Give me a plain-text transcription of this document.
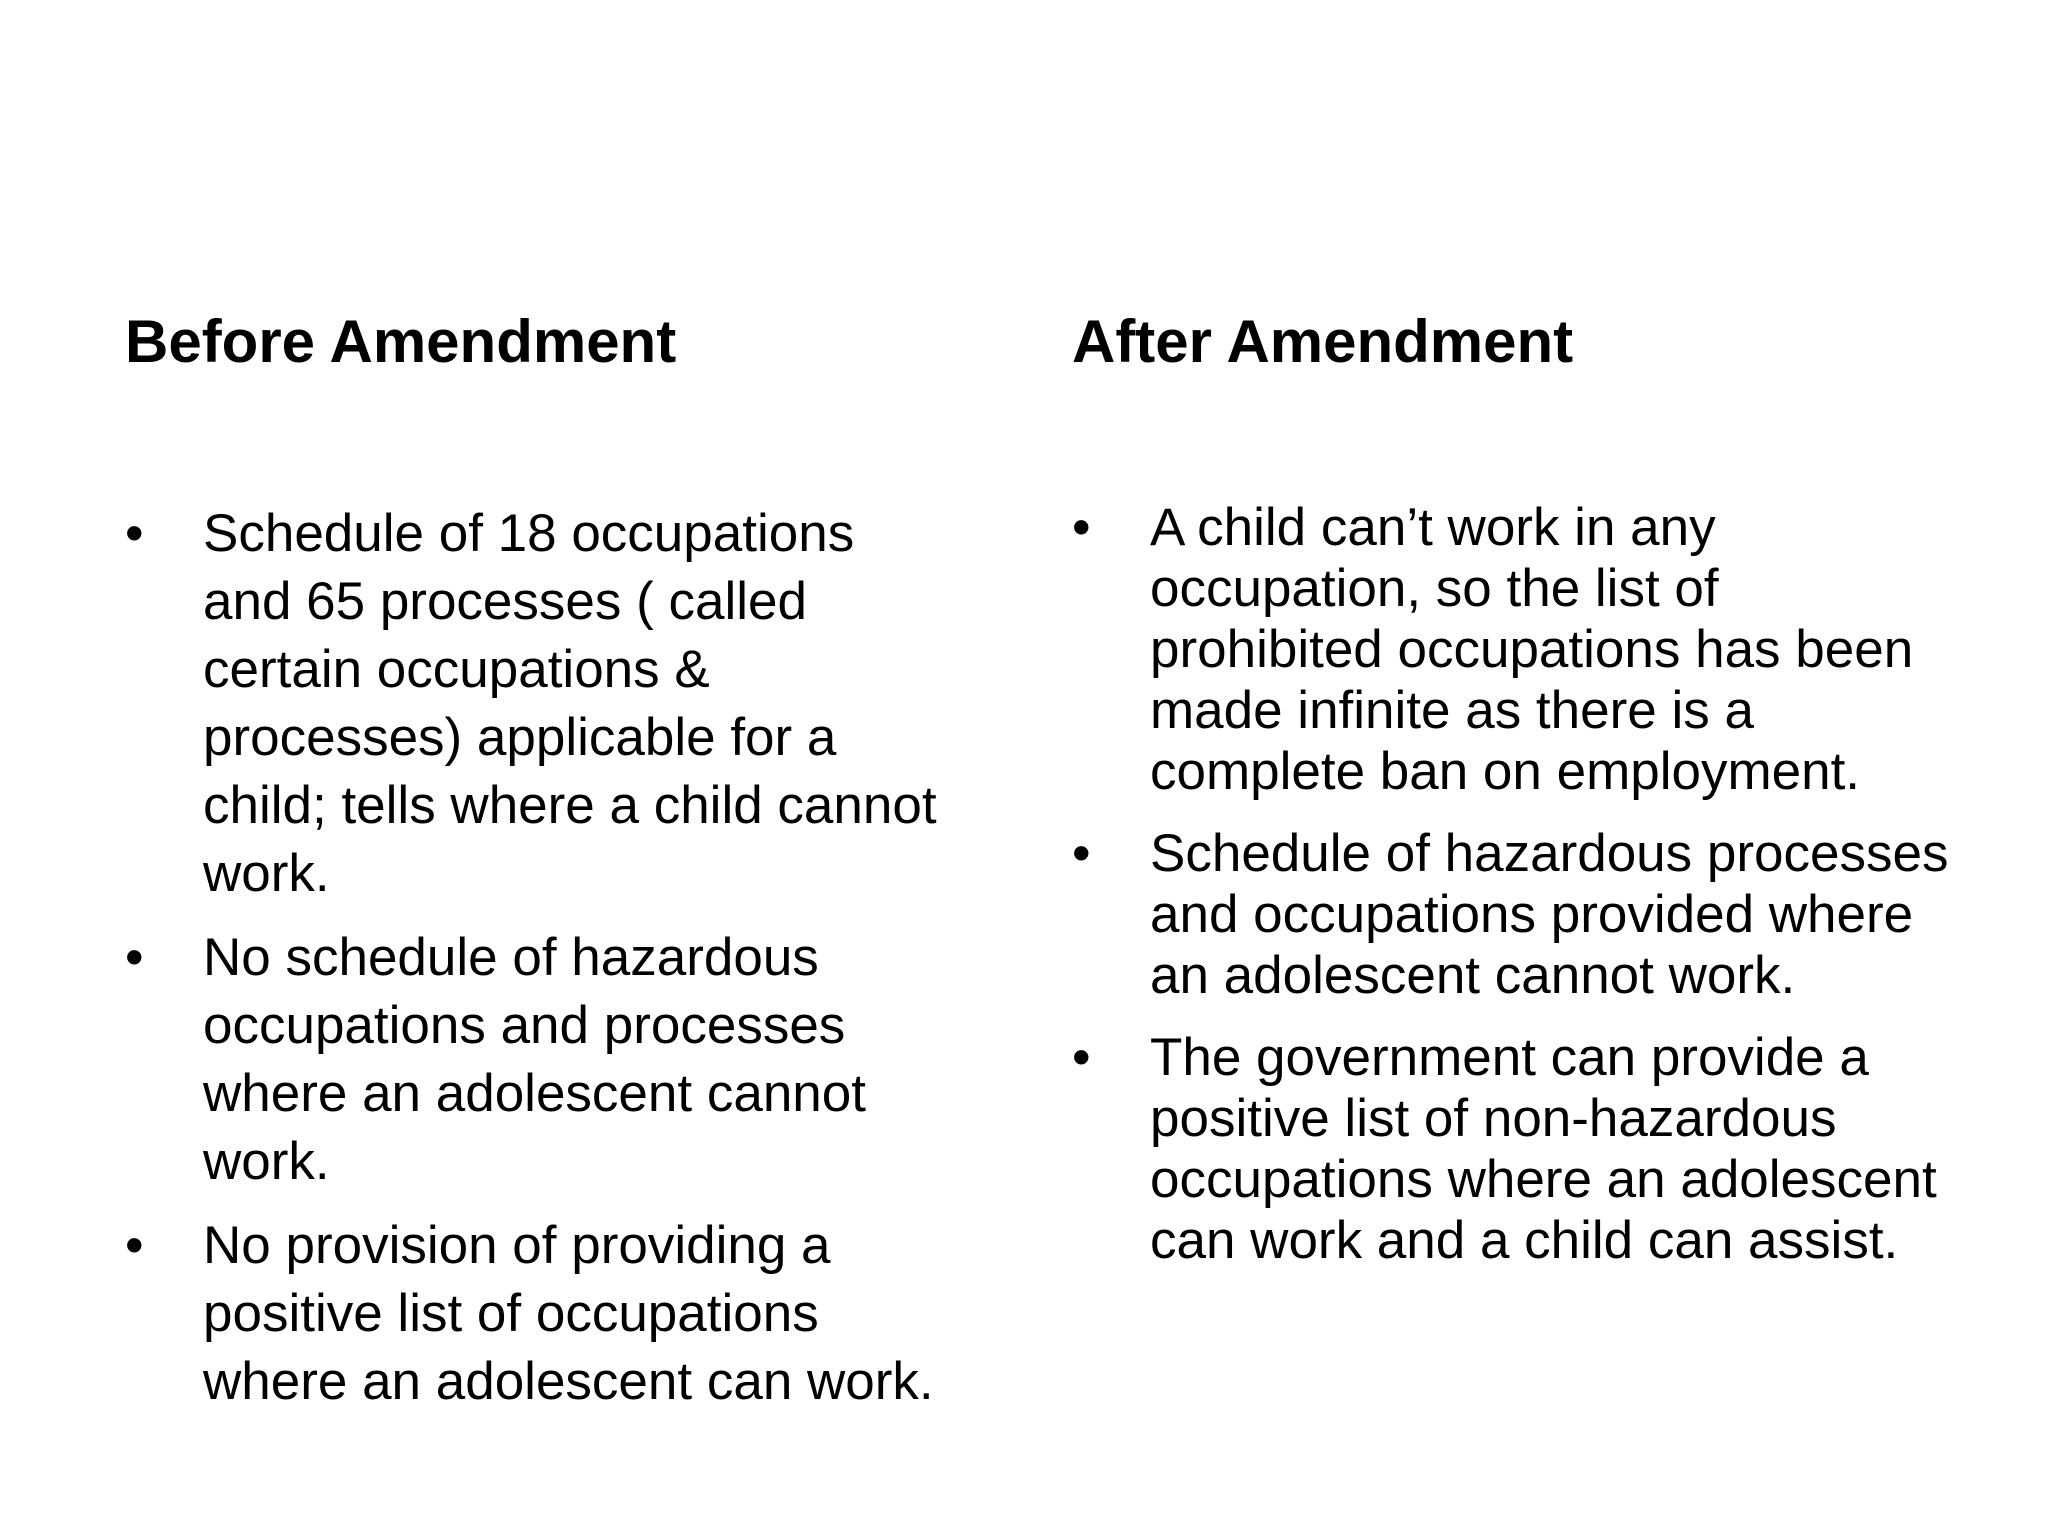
Before Amendment
•	Schedule of 18 occupations and 65 processes ( called certain occupations & processes) applicable for a child; tells where a child cannot work.
•	No schedule of hazardous occupations and processes where an adolescent cannot work.
•	No provision of providing a positive list of occupations where an adolescent can work.
After Amendment
•	A child can’t work in any occupation, so the list of prohibited occupations has been made infinite as there is a complete ban on employment.
•	Schedule of hazardous processes and occupations provided where an adolescent cannot work.
•	The government can provide a positive list of non-hazardous occupations where an adolescent can work and a child can assist.
